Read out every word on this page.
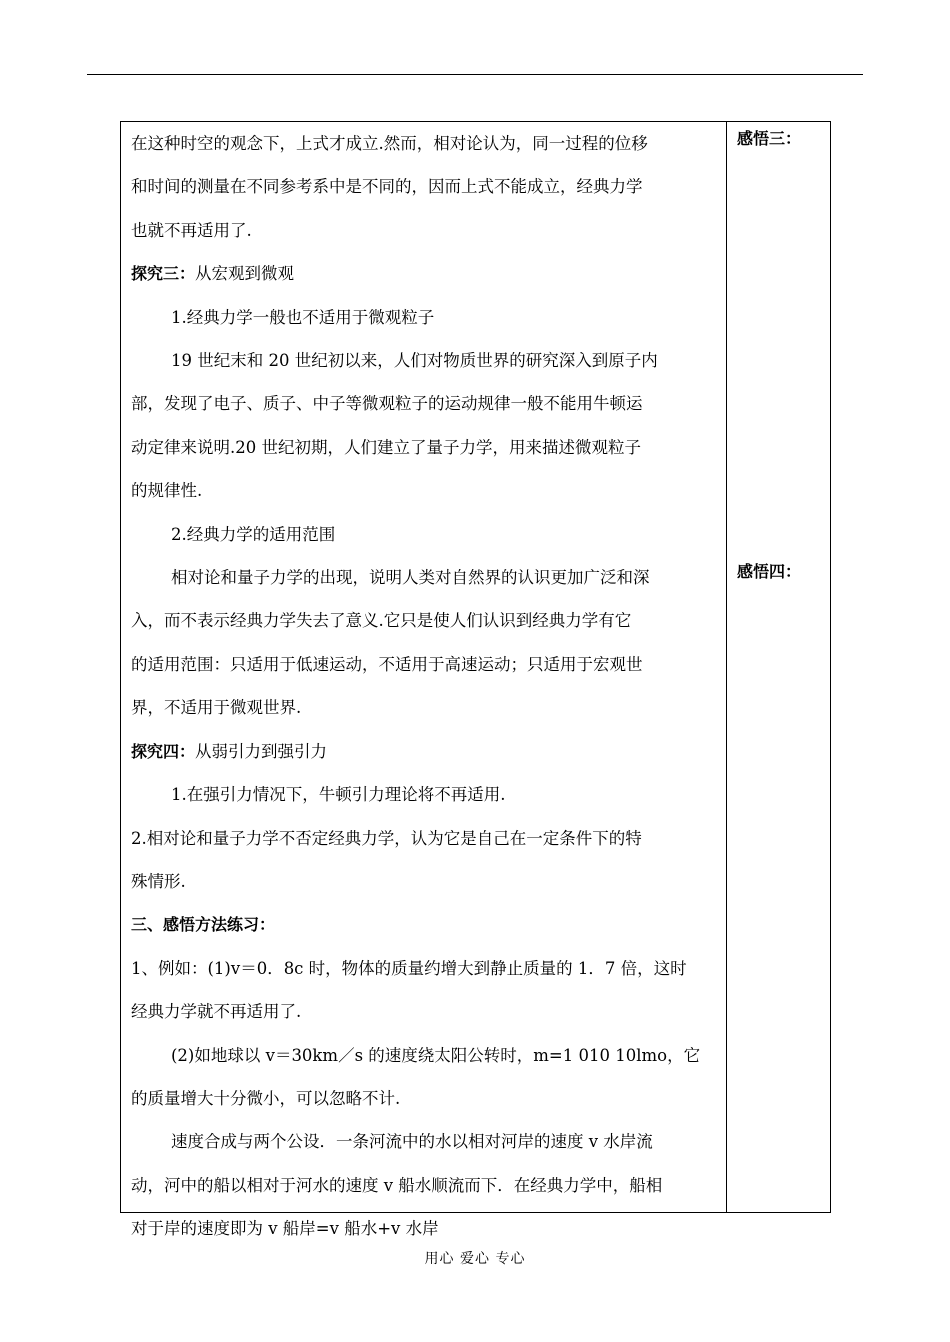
在这种时空的观念下，上式才成立.然而，相对论认为，同一过程的位移

和时间的测量在不同参考系中是不同的，因而上式不能成立，经典力学

也就不再适用了.

探究三：从宏观到微观

1.经典力学一般也不适用于微观粒子

19 世纪末和 20 世纪初以来，人们对物质世界的研究深入到原子内

部，发现了电子、质子、中子等微观粒子的运动规律一般不能用牛顿运

动定律来说明.20 世纪初期，人们建立了量子力学，用来描述微观粒子

的规律性.

2.经典力学的适用范围

相对论和量子力学的出现，说明人类对自然界的认识更加广泛和深

入，而不表示经典力学失去了意义.它只是使人们认识到经典力学有它

的适用范围：只适用于低速运动，不适用于高速运动；只适用于宏观世

界，不适用于微观世界.

探究四：从弱引力到强引力

1.在强引力情况下，牛顿引力理论将不再适用.

2.相对论和量子力学不否定经典力学，认为它是自己在一定条件下的特

殊情形.

三、感悟方法练习：

1、例如：(1)v＝0．8c 时，物体的质量约增大到静止质量的 1．7 倍，这时

经典力学就不再适用了.

(2)如地球以 v＝30km／s 的速度绕太阳公转时，m=1 010 10lmo，它

的质量增大十分微小，可以忽略不计.

速度合成与两个公设．一条河流中的水以相对河岸的速度 v 水岸流

动，河中的船以相对于河水的速度 v 船水顺流而下．在经典力学中，船相

对于岸的速度即为 v 船岸=v 船水+v 水岸

感悟三：
感悟四：
用心 爱心 专心
